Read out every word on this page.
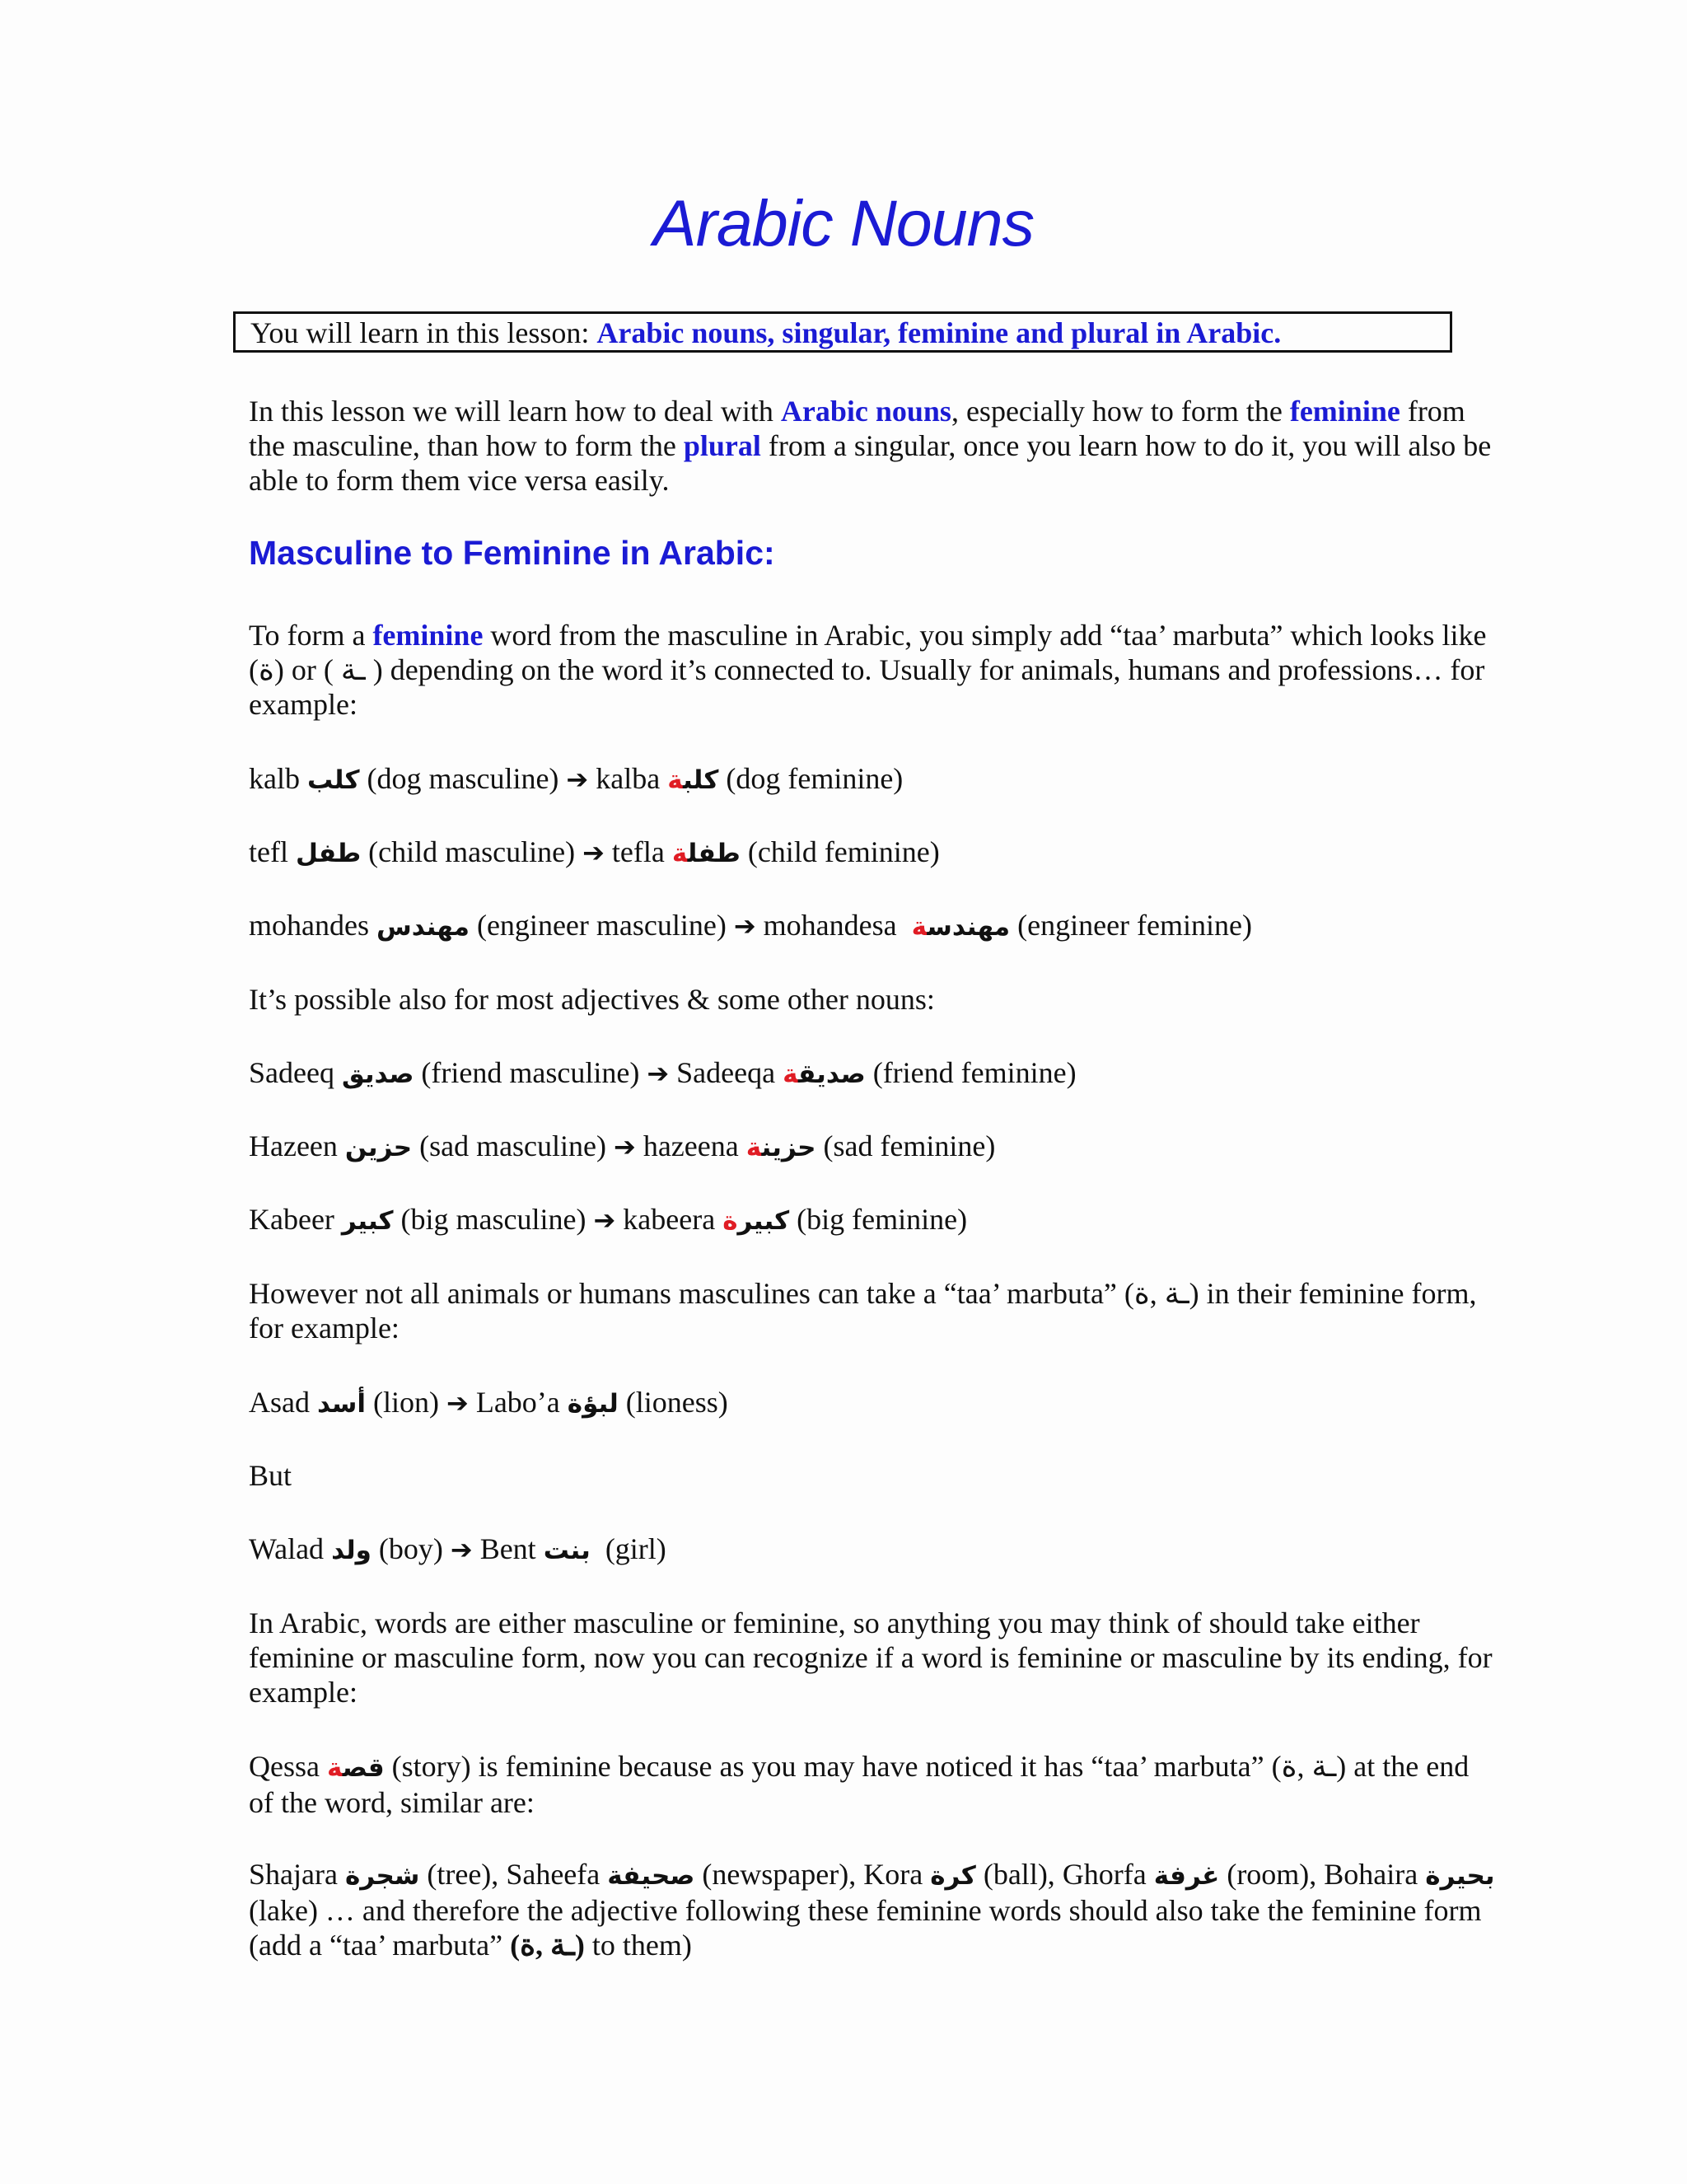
Arabic Nouns
You will learn in this lesson: Arabic nouns, singular, feminine and plural in Arabic.

In this lesson we will learn how to deal with Arabic nouns, especially how to form the feminine from the masculine, than how to form the plural from a singular, once you learn how to do it, you will also be able to form them vice versa easily.

Masculine to Feminine in Arabic:

To form a feminine word from the masculine in Arabic, you simply add “taa’ marbuta” which looks like (ة) or ( ـة ) depending on the word it’s connected to. Usually for animals, humans and professions… for example:

kalb كلب (dog masculine) ➔ kalba كلبة (dog feminine)

tefl طفل (child masculine) ➔ tefla طفلة (child feminine)

mohandes مهندس (engineer masculine) ➔ mohandesa  مهندسة	(engineer feminine)

It’s possible also for most adjectives & some other nouns:

Sadeeq صديق (friend masculine) ➔ Sadeeqa صديقة (friend feminine)

Hazeen حزين (sad masculine) ➔ hazeena حزينة (sad feminine)

Kabeer كبير (big masculine) ➔ kabeera كبيرة (big feminine)

However not all animals or humans masculines can take a “taa’ marbuta” (ـة ,ة) in their feminine form, for example:

Asad أسد (lion) ➔ Labo’a لبؤة (lioness)

But

Walad ولد (boy) ➔ Bent بنت  (girl)

In Arabic, words are either masculine or feminine, so anything you may think of should take either feminine or masculine form, now you can recognize if a word is feminine or masculine by its ending, for example:

Qessa قصة (story) is feminine because as you may have noticed it has “taa’ marbuta” (ـة ,ة) at the end of the word, similar are:

Shajara شجرة (tree), Saheefa صحيفة (newspaper), Kora كرة (ball), Ghorfa غرفة (room), Bohaira بحيرة (lake) … and therefore the adjective following these feminine words should also take the feminine form (add a “taa’ marbuta” (ـة ,ة) to them)
